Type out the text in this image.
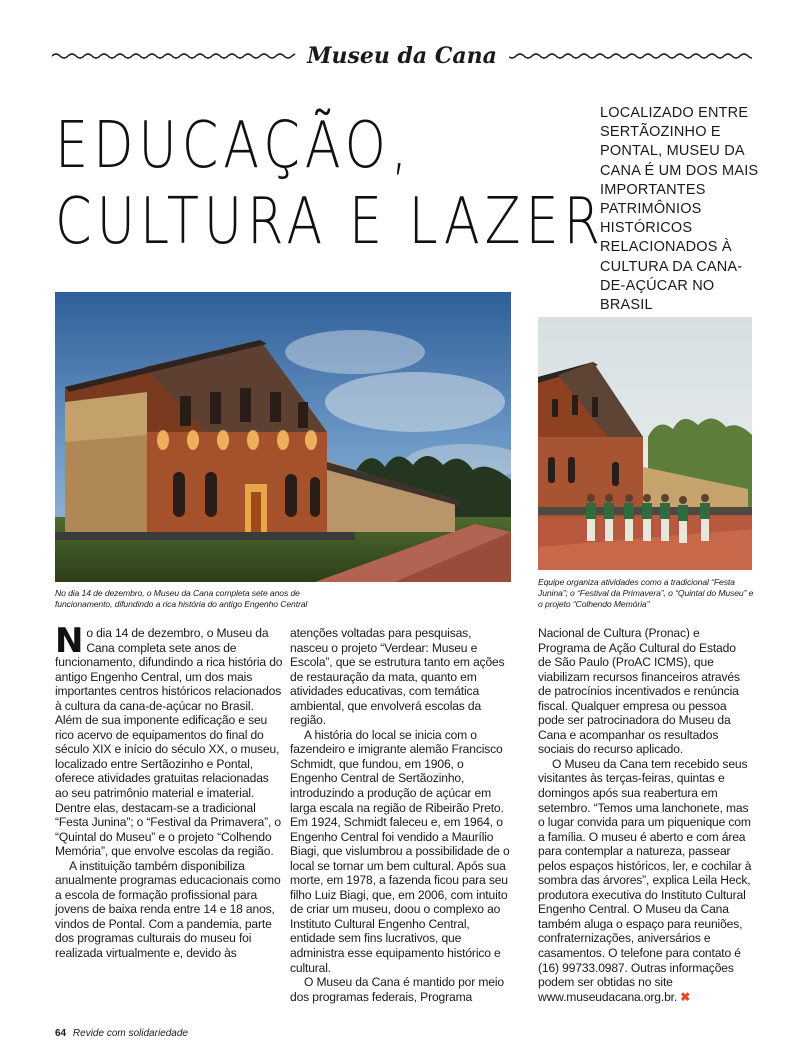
Museu da Cana
EDUCAÇÃO,
CULTURA E LAZER
LOCALIZADO ENTRE SERTÃOZINHO E PONTAL, MUSEU DA CANA É UM DOS MAIS IMPORTANTES PATRIMÔNIOS HISTÓRICOS RELACIONADOS À CULTURA DA CANA-DE-AÇÚCAR NO BRASIL
No dia 14 de dezembro, o Museu da Cana completa sete anos de funcionamento, difundindo a rica história do antigo Engenho Central
Equipe organiza atividades como a tradicional “Festa Junina”; o “Festival da Primavera”, o “Quintal do Museu” e o projeto “Colhendo Memória”

No dia 14 de dezembro, o Museu da Cana completa sete anos de funcionamento, difundindo a rica história do antigo Engenho Central, um dos mais importantes centros históricos relacionados à cultura da cana-de-açúcar no Brasil. Além de sua imponente edificação e seu rico acervo de equipamentos do final do século XIX e início do século XX, o museu, localizado entre Sertãozinho e Pontal, oferece atividades gratuitas relacionadas ao seu patrimônio material e imaterial. Dentre elas, destacam-se a tradicional “Festa Junina”; o “Festival da Primavera”, o “Quintal do Museu” e o projeto “Colhendo Memória”, que envolve escolas da região.

A instituição também disponibiliza anualmente programas educacionais como a escola de formação profissional para jovens de baixa renda entre 14 e 18 anos, vindos de Pontal. Com a pandemia, parte dos programas culturais do museu foi realizada virtualmente e, devido às

atenções voltadas para pesquisas, nasceu o projeto “Verdear: Museu e Escola”, que se estrutura tanto em ações de restauração da mata, quanto em atividades educativas, com temática ambiental, que envolverá escolas da região.

A história do local se inicia com o fazendeiro e imigrante alemão Francisco Schmidt, que fundou, em 1906, o Engenho Central de Sertãozinho, introduzindo a produção de açúcar em larga escala na região de Ribeirão Preto. Em 1924, Schmidt faleceu e, em 1964, o Engenho Central foi vendido a Maurílio Biagi, que vislumbrou a possibilidade de o local se tornar um bem cultural. Após sua morte, em 1978, a fazenda ficou para seu filho Luiz Biagi, que, em 2006, com intuito de criar um museu, doou o complexo ao Instituto Cultural Engenho Central, entidade sem fins lucrativos, que administra esse equipamento histórico e cultural.

O Museu da Cana é mantido por meio dos programas federais, Programa

Nacional de Cultura (Pronac) e Programa de Ação Cultural do Estado de São Paulo (ProAC ICMS), que viabilizam recursos financeiros através de patrocínios incentivados e renúncia fiscal. Qualquer empresa ou pessoa pode ser patrocinadora do Museu da Cana e acompanhar os resultados sociais do recurso aplicado.

O Museu da Cana tem recebido seus visitantes às terças-feiras, quintas e domingos após sua reabertura em setembro. “Temos uma lanchonete, mas o lugar convida para um piquenique com a família. O museu é aberto e com área para contemplar a natureza, passear pelos espaços históricos, ler, e cochilar à sombra das árvores”, explica Leila Heck, produtora executiva do Instituto Cultural Engenho Central. O Museu da Cana também aluga o espaço para reuniões, confraternizações, aniversários e casamentos. O telefone para contato é (16) 99733.0987. Outras informações podem ser obtidas no site www.museudacana.org.br. ✖

64 Revide com solidariedade
